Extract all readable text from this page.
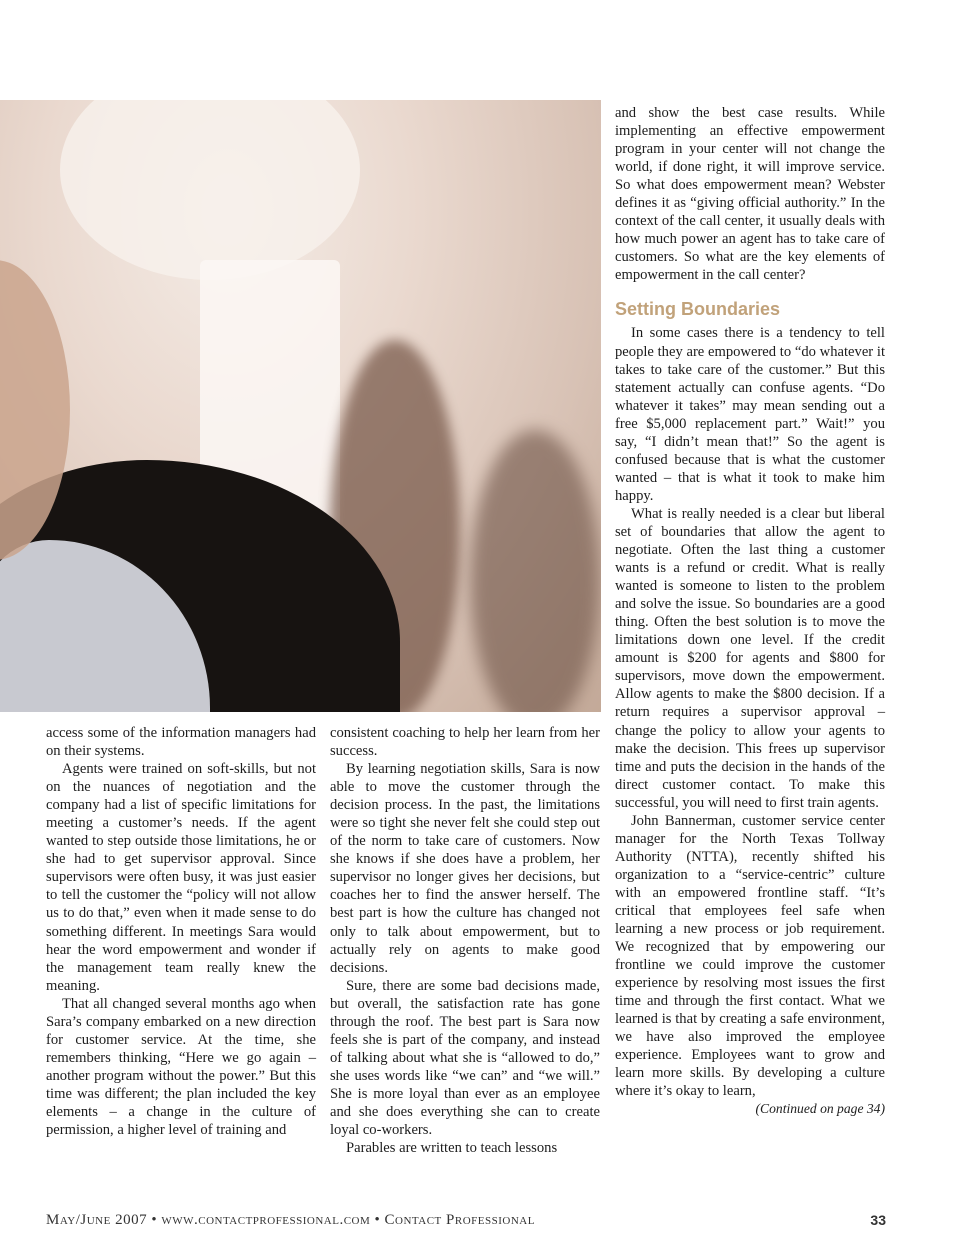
access some of the information managers had on their systems.

Agents were trained on soft-skills, but not on the nuances of negotiation and the company had a list of specific limitations for meeting a customer’s needs. If the agent wanted to step outside those limitations, he or she had to get supervisor approval. Since supervisors were often busy, it was just easier to tell the customer the “policy will not allow us to do that,” even when it made sense to do something different. In meetings Sara would hear the word empowerment and wonder if the management team really knew the meaning.

That all changed several months ago when Sara’s company embarked on a new direction for customer service. At the time, she remembers thinking, “Here we go again – another program without the power.” But this time was different; the plan included the key elements – a change in the culture of permission, a higher level of training and

consistent coaching to help her learn from her success.

By learning negotiation skills, Sara is now able to move the customer through the decision process. In the past, the limitations were so tight she never felt she could step out of the norm to take care of customers. Now she knows if she does have a problem, her supervisor no longer gives her decisions, but coaches her to find the answer herself. The best part is how the culture has changed not only to talk about empowerment, but to actually rely on agents to make good decisions.

Sure, there are some bad decisions made, but overall, the satisfaction rate has gone through the roof. The best part is Sara now feels she is part of the company, and instead of talking about what she is “allowed to do,” she uses words like “we can” and “we will.” She is more loyal than ever as an employee and she does everything she can to create loyal co-workers.

Parables are written to teach lessons

and show the best case results. While implementing an effective empowerment program in your center will not change the world, if done right, it will improve service. So what does empowerment mean? Webster defines it as “giving official authority.” In the context of the call center, it usually deals with how much power an agent has to take care of customers. So what are the key elements of empowerment in the call center?

Setting Boundaries

In some cases there is a tendency to tell people they are empowered to “do whatever it takes to take care of the customer.” But this statement actually can confuse agents. “Do whatever it takes” may mean sending out a free $5,000 replacement part.” Wait!” you say, “I didn’t mean that!” So the agent is confused because that is what the customer wanted – that is what it took to make him happy.

What is really needed is a clear but liberal set of boundaries that allow the agent to negotiate. Often the last thing a customer wants is a refund or credit. What is really wanted is someone to listen to the problem and solve the issue. So boundaries are a good thing. Often the best solution is to move the limitations down one level. If the credit amount is $200 for agents and $800 for supervisors, move down the empowerment. Allow agents to make the $800 decision. If a return requires a supervisor approval – change the policy to allow your agents to make the decision. This frees up supervisor time and puts the decision in the hands of the direct customer contact. To make this successful, you will need to first train agents.

John Bannerman, customer service center manager for the North Texas Tollway Authority (NTTA), recently shifted his organization to a “service-centric” culture with an empowered frontline staff. “It’s critical that employees feel safe when learning a new process or job requirement. We recognized that by empowering our frontline we could improve the customer experience by resolving most issues the first time and through the first contact. What we learned is that by creating a safe environment, we have also improved the employee experience. Employees want to grow and learn more skills. By developing a culture where it’s okay to learn,
(Continued on page 34)

May/June 2007 • www.contactprofessional.com • Contact Professional	33
